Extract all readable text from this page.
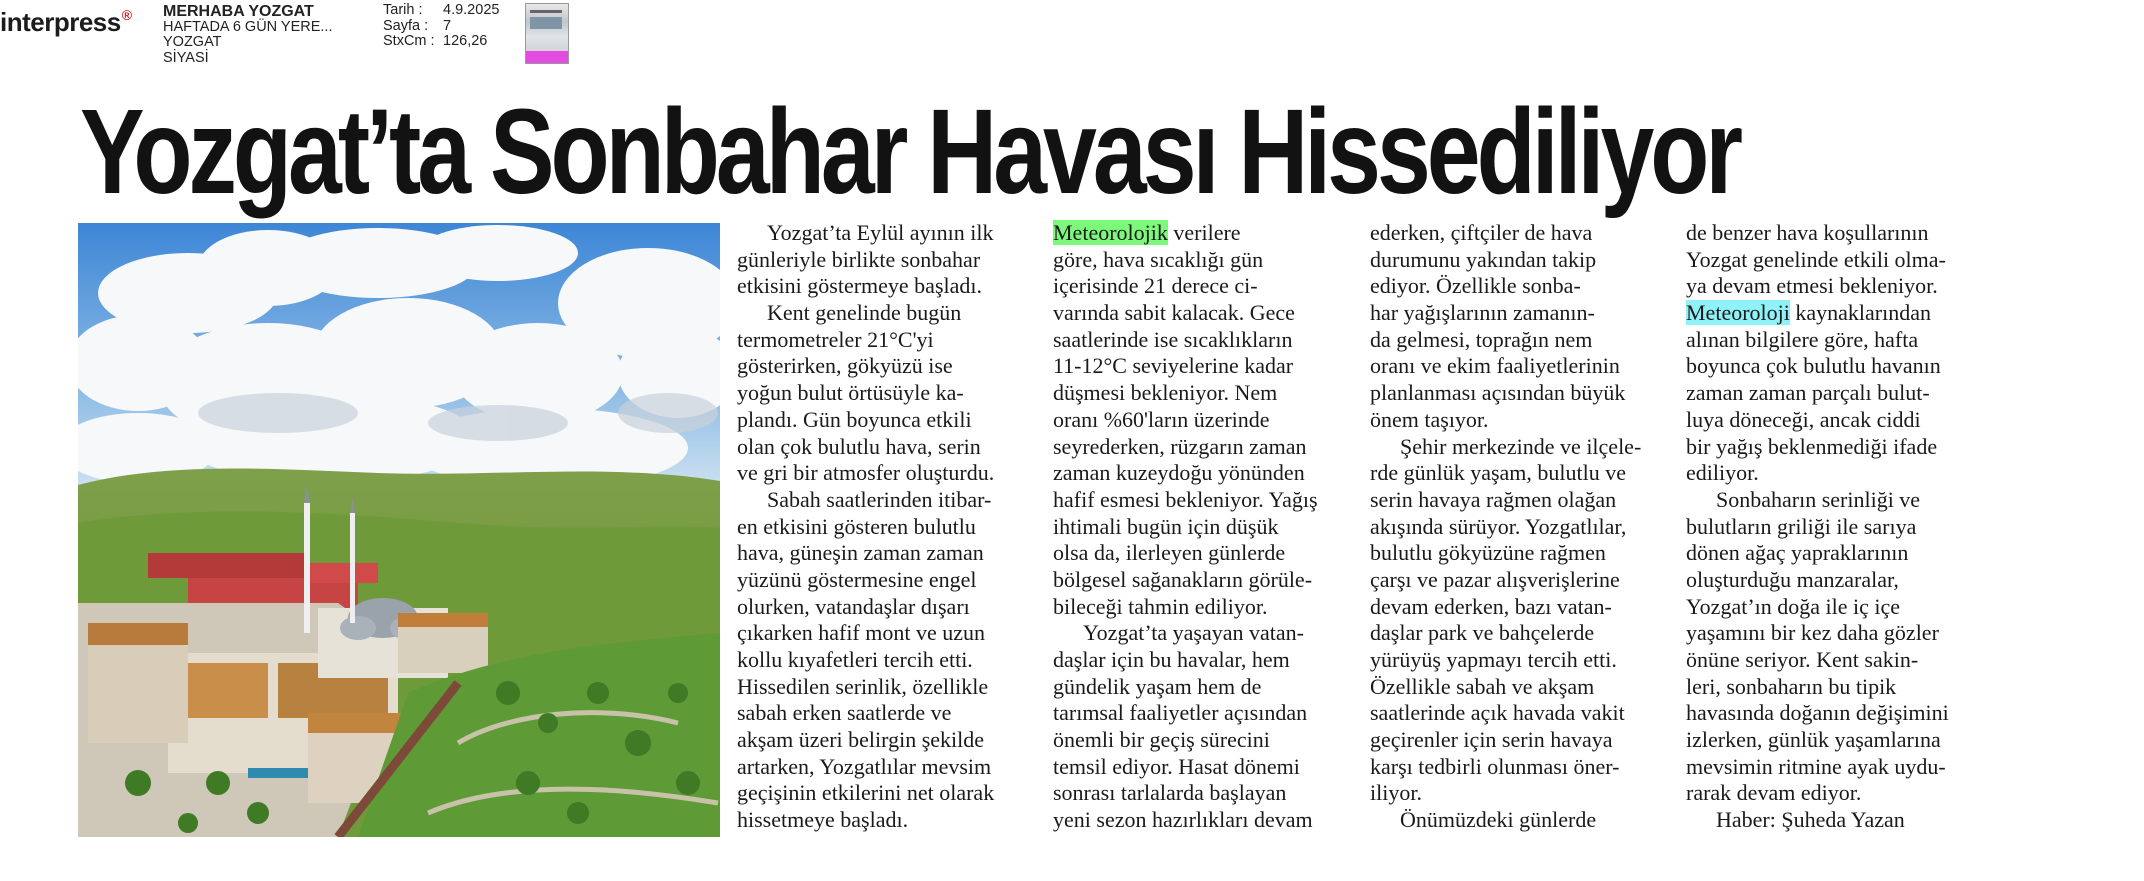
interpress® MERHABA YOZGAT
HAFTADA 6 GÜN YERE...
YOZGAT
SİYASİ
Tarih :	4.9.2025
Sayfa :	7
StxCm : 126,26
Yozgat’ta Sonbahar Havası Hissediliyor
Yozgat’ta Eylül ayının ilk
günleriyle birlikte sonbahar
etkisini göstermeye başladı.
Kent genelinde bugün
termometreler 21°C'yi
gösterirken, gökyüzü ise
yoğun bulut örtüsüyle ka-
plandı. Gün boyunca etkili
olan çok bulutlu hava, serin
ve gri bir atmosfer oluşturdu.
Sabah saatlerinden itibar-
en etkisini gösteren bulutlu
hava, güneşin zaman zaman
yüzünü göstermesine engel
olurken, vatandaşlar dışarı
çıkarken hafif mont ve uzun
kollu kıyafetleri tercih etti.
Hissedilen serinlik, özellikle
sabah erken saatlerde ve
akşam üzeri belirgin şekilde
artarken, Yozgatlılar mevsim
geçişinin etkilerini net olarak
hissetmeye başladı.
Meteorolojik verilere
göre, hava sıcaklığı gün
içerisinde 21 derece ci-
varında sabit kalacak. Gece
saatlerinde ise sıcaklıkların
11-12°C seviyelerine kadar
düşmesi bekleniyor. Nem
oranı %60'ların üzerinde
seyrederken, rüzgarın zaman
zaman kuzeydoğu yönünden
hafif esmesi bekleniyor. Yağış
ihtimali bugün için düşük
olsa da, ilerleyen günlerde
bölgesel sağanakların görüle-
bileceği tahmin ediliyor.
Yozgat’ta yaşayan vatan-
daşlar için bu havalar, hem
gündelik yaşam hem de
tarımsal faaliyetler açısından
önemli bir geçiş sürecini
temsil ediyor. Hasat dönemi
sonrası tarlalarda başlayan
yeni sezon hazırlıkları devam
ederken, çiftçiler de hava
durumunu yakından takip
ediyor. Özellikle sonba-
har yağışlarının zamanın-
da gelmesi, toprağın nem
oranı ve ekim faaliyetlerinin
planlanması açısından büyük
önem taşıyor.
Şehir merkezinde ve ilçele-
rde günlük yaşam, bulutlu ve
serin havaya rağmen olağan
akışında sürüyor. Yozgatlılar,
bulutlu gökyüzüne rağmen
çarşı ve pazar alışverişlerine
devam ederken, bazı vatan-
daşlar park ve bahçelerde
yürüyüş yapmayı tercih etti.
Özellikle sabah ve akşam
saatlerinde açık havada vakit
geçirenler için serin havaya
karşı tedbirli olunması öner-
iliyor.
Önümüzdeki günlerde
de benzer hava koşullarının
Yozgat genelinde etkili olma-
ya devam etmesi bekleniyor.
Meteoroloji kaynaklarından
alınan bilgilere göre, hafta
boyunca çok bulutlu havanın
zaman zaman parçalı bulut-
luya döneceği, ancak ciddi
bir yağış beklenmediği ifade
ediliyor.
Sonbaharın serinliği ve
bulutların griliği ile sarıya
dönen ağaç yapraklarının
oluşturduğu manzaralar,
Yozgat’ın doğa ile iç içe
yaşamını bir kez daha gözler
önüne seriyor. Kent sakin-
leri, sonbaharın bu tipik
havasında doğanın değişimini
izlerken, günlük yaşamlarına
mevsimin ritmine ayak uydu-
rarak devam ediyor.
Haber: Şuheda Yazan
